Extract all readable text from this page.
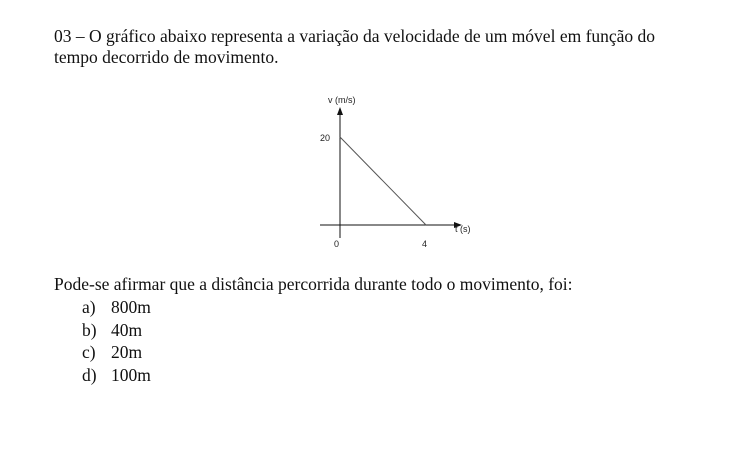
03 – O gráfico abaixo representa a variação da velocidade de um móvel em função do
tempo decorrido de movimento.
v (m/s)
t (s)
20
0	4
Pode-se afirmar que a distância percorrida durante todo o movimento, foi:
a) 800m
b) 40m
c) 20m
d) 100m
